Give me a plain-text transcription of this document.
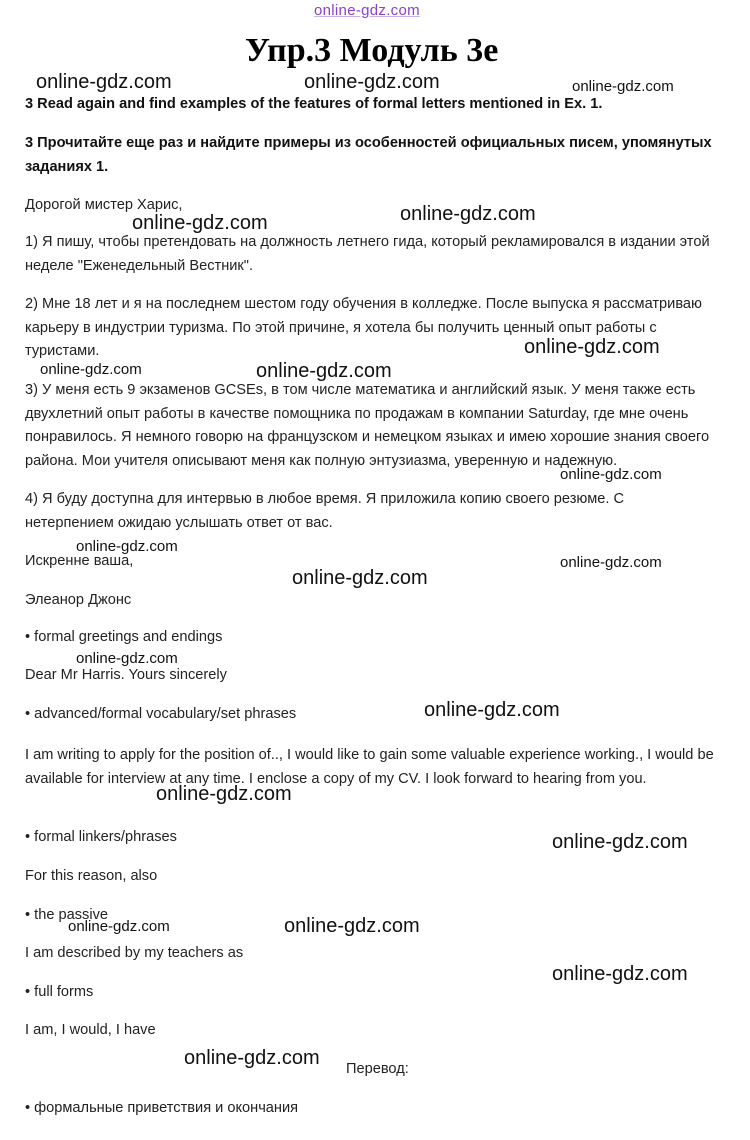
online-gdz.com
Упр.3 Модуль 3е
3 Read again and find examples of the features of formal letters mentioned in Ex. 1.
3 Прочитайте еще раз и найдите примеры из особенностей официальных писем, упомянутых заданиях 1.
Дорогой мистер Харис,
1) Я пишу, чтобы претендовать на должность летнего гида, который рекламировался в издании этой неделе "Еженедельный Вестник".
2) Мне 18 лет и я на последнем шестом году обучения в колледже. После выпуска я рассматриваю карьеру в индустрии туризма. По этой причине, я хотела бы получить ценный опыт работы с туристами.
3) У меня есть 9 экзаменов GCSEs, в том числе математика и английский язык. У меня также есть двухлетний опыт работы в качестве помощника по продажам в компании Saturday, где мне очень понравилось. Я немного говорю на французском и немецком языках и имею хорошие знания своего района. Мои учителя описывают меня как полную энтузиазма, уверенную и надежную.
4) Я буду доступна для интервью в любое время. Я приложила копию своего резюме. С нетерпением ожидаю услышать ответ от вас.
Искренне ваша,
Элеанор Джонс
• formal greetings and endings
Dear Mr Harris. Yours sincerely
• advanced/formal vocabulary/set phrases
I am writing to apply for the position of.., I would like to gain some valuable experience working., I would be available for interview at any time. I enclose a copy of my CV. I look forward to hearing from you.
• formal linkers/phrases
For this reason, also
• the passive
I am described by my teachers as
• full forms
I am, I would, I have
Перевод:
• формальные приветствия и окончания
online-gdz.com	online-gdz.com	online-gdz.com
online-gdz.com
online-gdz.com
online-gdz.com
online-gdz.com
online-gdz.com
online-gdz.com
online-gdz.com
online-gdz.com
online-gdz.com
online-gdz.com
online-gdz.com
online-gdz.com
online-gdz.com
online-gdz.com	online-gdz.com
online-gdz.com
online-gdz.com
